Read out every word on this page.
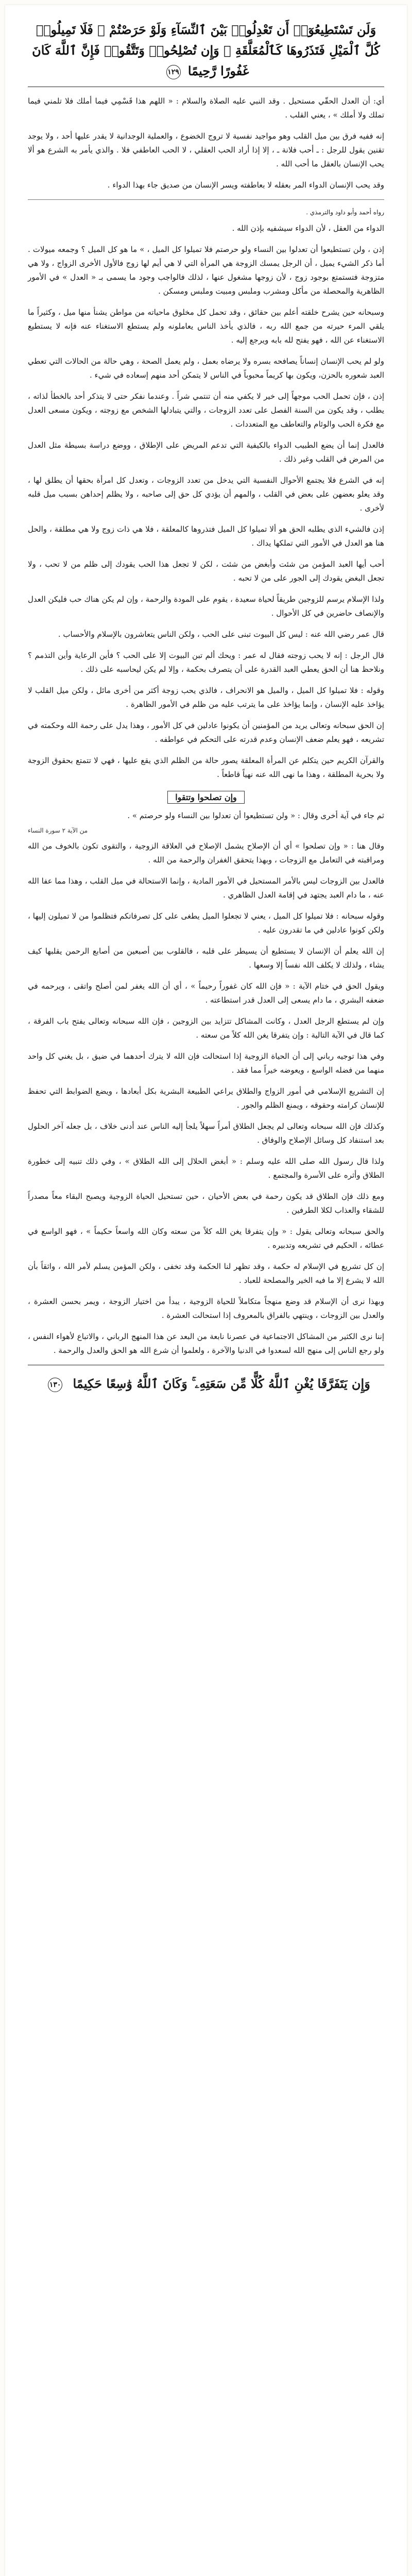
وَلَن تَسْتَطِيعُوٓا۟ أَن تَعْدِلُوا۟ بَيْنَ ٱلنِّسَآءِ وَلَوْ حَرَصْتُمْ ۖ فَلَا تَمِيلُوا۟ كُلَّ ٱلْمَيْلِ فَتَذَرُوهَا كَٱلْمُعَلَّقَةِ ۚ وَإِن تُصْلِحُوا۟ وَتَتَّقُوا۟ فَإِنَّ ٱللَّهَ كَانَ غَفُورًا رَّحِيمًا ١٢٩

أي: أن العدل الحقّي مستحيل . وقد النبي عليه الصلاة والسلام : « اللهم هذا قَسْمِي فيما أملك فلا تلمني فيما تملك ولا أملك » ، يعني القلب .

إنه ففيه فرق بين ميل القلب وهو مواجيد نفسية لا تروج الخضوع ، والعملية الوجدانية لا يقدر عليها أحد ، ولا يوجد تقنين يقول للرجل : ـ أحب فلانة ـ ، إلا إذا أراد الحب العقلي ، لا الحب العاطفي فلا . والذي يأمر به الشرع هو ألا يحب الإنسان بالعقل ما أحب الله .

وقد يحب الإنسان الدواء المر بعقله لا بعاطفته ويسر الإنسان من صديق جاء بهذا الدواء .

رواه أحمد وأبو داود والترمذي .

الدواء من العقل ، لأن الدواء سيشفيه بإذن الله .

إذن ، ولن تستطيعوا أن تعدلوا بين النساء ولو حرصتم فلا تميلوا كل الميل ، » ما هو كل الميل ؟ وجمعه ميولات . أما ذكر الشيء يميل ، أن الرجل يمسك الزوجة هي المرأة التي لا هي أيم لها زوج فالأول الأخرى الزواج ، ولا هي متزوجة فتستمتع بوجود زوج ، لأن زوجها مشغول عنها ، لذلك فالواجب وجود ما يسمى بـ « العدل » في الأمور الظاهرية والمحصلة من مأكل ومشرب وملبس ومبيت وملبس ومسكن .

وسبحانه حين يشرح خلقته أعلم بين حقائق ، وقد تحمل كل مخلوق ماحياته من مواطن يشنأ منها ميل ، وكثيراً ما يلقي المرء حيرته من جمع الله ربه ، فالذي يأخذ الناس يعاملونه ولم يستطع الاستغناء عنه فإنه لا يستطيع الاستغناء عن الله ، فهو يفتح لله بابه ويرجع إليه .

ولو لم يحب الإنسان إنساناً يصافحه بسره ولا يرضاه بعمل ، ولم يعمل الصحة ، وهي حالة من الحالات التي تعطي العبد شعوره بالحزن، ويكون بها كريماً محبوباً في الناس لا يتمكن أحد منهم إسعاده في شيء .

إذن ، فإن تحمل الحب موجهاً إلى خير لا يكفي منه أن تنتمي شراً . وعندما نفكر حتى لا يتذكر أحد بالخطأ لذاته ، يطلب ، وقد يكون من السنة الفصل على تعدد الزوجات ، والتي يتبادلها الشخص مع زوجته ، ويكون مسعى العدل مع فكرة الحب والوئام والتعاطف مع المتعددات .

فالعدل إنما أن يضع الطبيب الدواء بالكيفية التي تدعم المريض على الإطلاق ، ووضع دراسة بسيطة مثل العدل من المرض في القلب وغير ذلك .

إنه في الشرع فلا يجتمع الأحوال النفسية التي يدخل من تعدد الزوجات ، وتعدل كل امرأة بحقها أن يطلق لها ، وقد يعلو بعضهن على بعض في القلب ، والمهم أن يؤدي كل حق إلى صاحبه ، ولا يظلم إحداهن بسبب ميل قلبه لأخرى .

إذن فالشيء الذي يطلبه الحق هو ألا تميلوا كل الميل فتذروها كالمعلقة ، فلا هي ذات زوج ولا هي مطلقة ، والحل هنا هو العدل في الأمور التي تملكها يداك .

أحب أيها العبد المؤمن من شئت وأبغض من شئت ، لكن لا تجعل هذا الحب يقودك إلى ظلم من لا تحب ، ولا تجعل البغض يقودك إلى الجور على من لا تحبه .

ولذا الإسلام يرسم للزوجين طريقاً لحياة سعيدة ، يقوم على المودة والرحمة ، وإن لم يكن هناك حب فليكن العدل والإنصاف حاضرين في كل الأحوال .

قال عمر رضي الله عنه : ليس كل البيوت تبنى على الحب ، ولكن الناس يتعاشرون بالإسلام والأحساب .

قال الرجل : إنه لا يحب زوجته فقال له عمر : ويحك ألم تبن البيوت إلا على الحب ؟ فأين الرعاية وأين التذمم ؟ ونلاحظ هنا أن الحق يعطي العبد القدرة على أن يتصرف بحكمة ، وإلا لم يكن ليحاسبه على ذلك .

وقوله : فلا تميلوا كل الميل ، والميل هو الانحراف ، فالذي يحب زوجة أكثر من أخرى مائل ، ولكن ميل القلب لا يؤاخذ عليه الإنسان ، وإنما يؤاخذ على ما يترتب عليه من ظلم في الأمور الظاهرة .

إن الحق سبحانه وتعالى يريد من المؤمنين أن يكونوا عادلين في كل الأمور ، وهذا يدل على رحمة الله وحكمته في تشريعه ، فهو يعلم ضعف الإنسان وعدم قدرته على التحكم في عواطفه .

والقرآن الكريم حين يتكلم عن المرأة المعلقة يصور حالة من الظلم الذي يقع عليها ، فهي لا تتمتع بحقوق الزوجة ولا بحرية المطلقة ، وهذا ما نهى الله عنه نهياً قاطعاً .

وإن تصلحوا وتتقوا

ثم جاء في آية أخرى وقال : « ولن تستطيعوا أن تعدلوا بين النساء ولو حرصتم » .

من الآية ٢ سورة النساء

وقال هنا : « وإن تصلحوا » أي أن الإصلاح يشمل الإصلاح في العلاقة الزوجية ، والتقوى تكون بالخوف من الله ومراقبته في التعامل مع الزوجات ، وبهذا يتحقق الغفران والرحمة من الله .

فالعدل بين الزوجات ليس بالأمر المستحيل في الأمور المادية ، وإنما الاستحالة في ميل القلب ، وهذا مما عفا الله عنه ، ما دام العبد يجتهد في إقامة العدل الظاهري .

وقوله سبحانه : فلا تميلوا كل الميل ، يعني لا تجعلوا الميل يطغى على كل تصرفاتكم فتظلموا من لا تميلون إليها ، ولكن كونوا عادلين في ما تقدرون عليه .

إن الله يعلم أن الإنسان لا يستطيع أن يسيطر على قلبه ، فالقلوب بين أصبعين من أصابع الرحمن يقلبها كيف يشاء ، ولذلك لا يكلف الله نفساً إلا وسعها .

ويقول الحق في ختام الآية : « فإن الله كان غفوراً رحيماً » ، أي أن الله يغفر لمن أصلح واتقى ، ويرحمه في ضعفه البشري ، ما دام يسعى إلى العدل قدر استطاعته .

وإن لم يستطع الرجل العدل ، وكانت المشاكل تتزايد بين الزوجين ، فإن الله سبحانه وتعالى يفتح باب الفرقة ، كما قال في الآية التالية : وإن يتفرقا يغن الله كلاً من سعته .

وفي هذا توجيه رباني إلى أن الحياة الزوجية إذا استحالت فإن الله لا يترك أحدهما في ضيق ، بل يغني كل واحد منهما من فضله الواسع ، ويعوضه خيراً مما فقد .

إن التشريع الإسلامي في أمور الزواج والطلاق يراعي الطبيعة البشرية بكل أبعادها ، ويضع الضوابط التي تحفظ للإنسان كرامته وحقوقه ، ويمنع الظلم والجور .

وكذلك فإن الله سبحانه وتعالى لم يجعل الطلاق أمراً سهلاً يلجأ إليه الناس عند أدنى خلاف ، بل جعله آخر الحلول بعد استنفاد كل وسائل الإصلاح والوفاق .

ولذا قال رسول الله صلى الله عليه وسلم : « أبغض الحلال إلى الله الطلاق » ، وفي ذلك تنبيه إلى خطورة الطلاق وأثره على الأسرة والمجتمع .

ومع ذلك فإن الطلاق قد يكون رحمة في بعض الأحيان ، حين تستحيل الحياة الزوجية ويصبح البقاء معاً مصدراً للشقاء والعذاب لكلا الطرفين .

والحق سبحانه وتعالى يقول : « وإن يتفرقا يغن الله كلاً من سعته وكان الله واسعاً حكيماً » ، فهو الواسع في عطائه ، الحكيم في تشريعه وتدبيره .

إن كل تشريع في الإسلام له حكمة ، وقد تظهر لنا الحكمة وقد تخفى ، ولكن المؤمن يسلم لأمر الله ، واثقاً بأن الله لا يشرع إلا ما فيه الخير والمصلحة للعباد .

وبهذا نرى أن الإسلام قد وضع منهجاً متكاملاً للحياة الزوجية ، يبدأ من اختيار الزوجة ، ويمر بحسن العشرة ، والعدل بين الزوجات ، وينتهي بالفراق بالمعروف إذا استحالت العشرة .

إننا نرى الكثير من المشاكل الاجتماعية في عصرنا نابعة من البعد عن هذا المنهج الرباني ، والاتباع لأهواء النفس ، ولو رجع الناس إلى منهج الله لسعدوا في الدنيا والآخرة ، ولعلموا أن شرع الله هو الحق والعدل والرحمة .

وَإِن يَتَفَرَّقَا يُغْنِ ٱللَّهُ كُلًّا مِّن سَعَتِهِۦ ۚ وَكَانَ ٱللَّهُ وَٰسِعًا حَكِيمًا ١٣٠
